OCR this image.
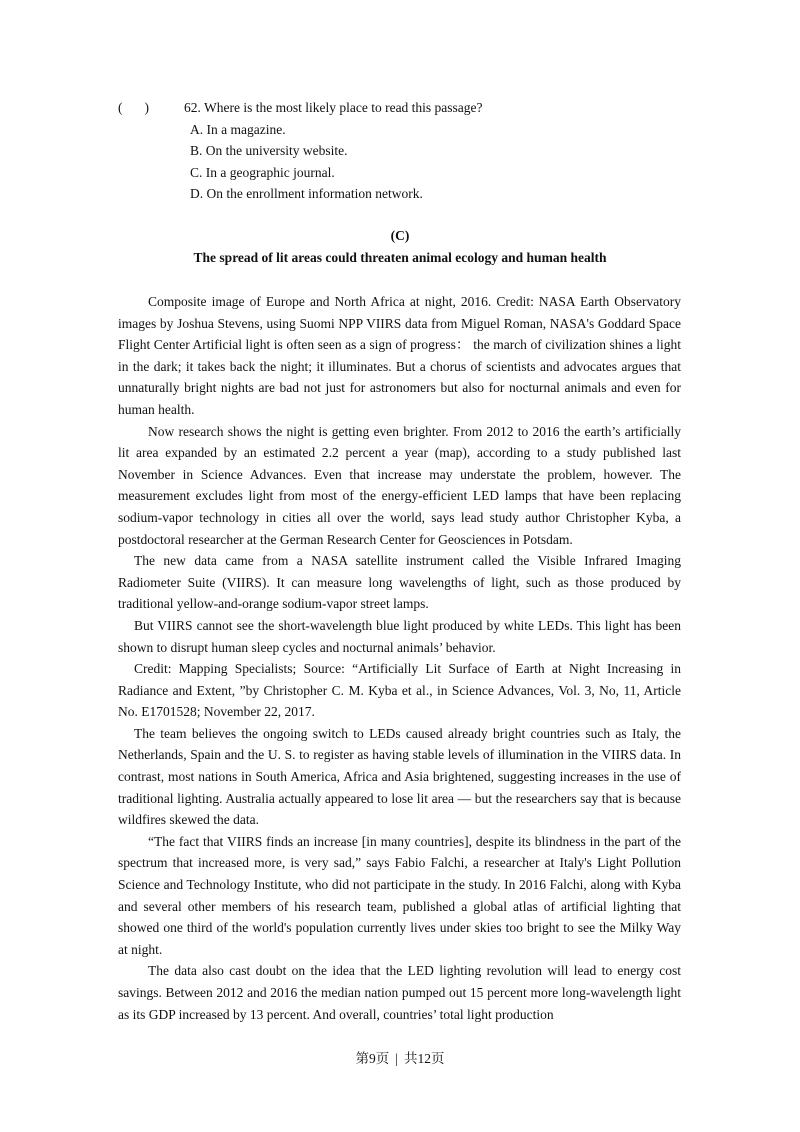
( )	62. Where is the most likely place to read this passage?
A. In a magazine.
B. On the university website.
C. In a geographic journal.
D. On the enrollment information network.
(C)
The spread of lit areas could threaten animal ecology and human health

Composite image of Europe and North Africa at night, 2016. Credit: NASA Earth Observatory images by Joshua Stevens, using Suomi NPP VIIRS data from Miguel Roman, NASA's Goddard Space Flight Center Artificial light is often seen as a sign of progress： the march of civilization shines a light in the dark; it takes back the night; it illuminates. But a chorus of scientists and advocates argues that unnaturally bright nights are bad not just for astronomers but also for nocturnal animals and even for human health.

Now research shows the night is getting even brighter. From 2012 to 2016 the earth’s artificially lit area expanded by an estimated 2.2 percent a year (map), according to a study published last November in Science Advances. Even that increase may understate the problem, however. The measurement excludes light from most of the energy-efficient LED lamps that have been replacing sodium-vapor technology in cities all over the world, says lead study author Christopher Kyba, a postdoctoral researcher at the German Research Center for Geosciences in Potsdam.

The new data came from a NASA satellite instrument called the Visible Infrared Imaging Radiometer Suite (VIIRS). It can measure long wavelengths of light, such as those produced by traditional yellow-and-orange sodium-vapor street lamps.

But VIIRS cannot see the short-wavelength blue light produced by white LEDs. This light has been shown to disrupt human sleep cycles and nocturnal animals’ behavior.

Credit: Mapping Specialists; Source: “Artificially Lit Surface of Earth at Night Increasing in Radiance and Extent, ”by Christopher C. M. Kyba et al., in Science Advances, Vol. 3, No, 11, Article No. E1701528; November 22, 2017.

The team believes the ongoing switch to LEDs caused already bright countries such as Italy, the Netherlands, Spain and the U. S. to register as having stable levels of illumination in the VIIRS data. In contrast, most nations in South America, Africa and Asia brightened, suggesting increases in the use of traditional lighting. Australia actually appeared to lose lit area — but the researchers say that is because wildfires skewed the data.

“The fact that VIIRS finds an increase [in many countries], despite its blindness in the part of the spectrum that increased more, is very sad,” says Fabio Falchi, a researcher at Italy's Light Pollution Science and Technology Institute, who did not participate in the study. In 2016 Falchi, along with Kyba and several other members of his research team, published a global atlas of artificial lighting that showed one third of the world's population currently lives under skies too bright to see the Milky Way at night.

The data also cast doubt on the idea that the LED lighting revolution will lead to energy cost savings. Between 2012 and 2016 the median nation pumped out 15 percent more long-wavelength light as its GDP increased by 13 percent. And overall, countries’ total light production

第9页 | 共12页
